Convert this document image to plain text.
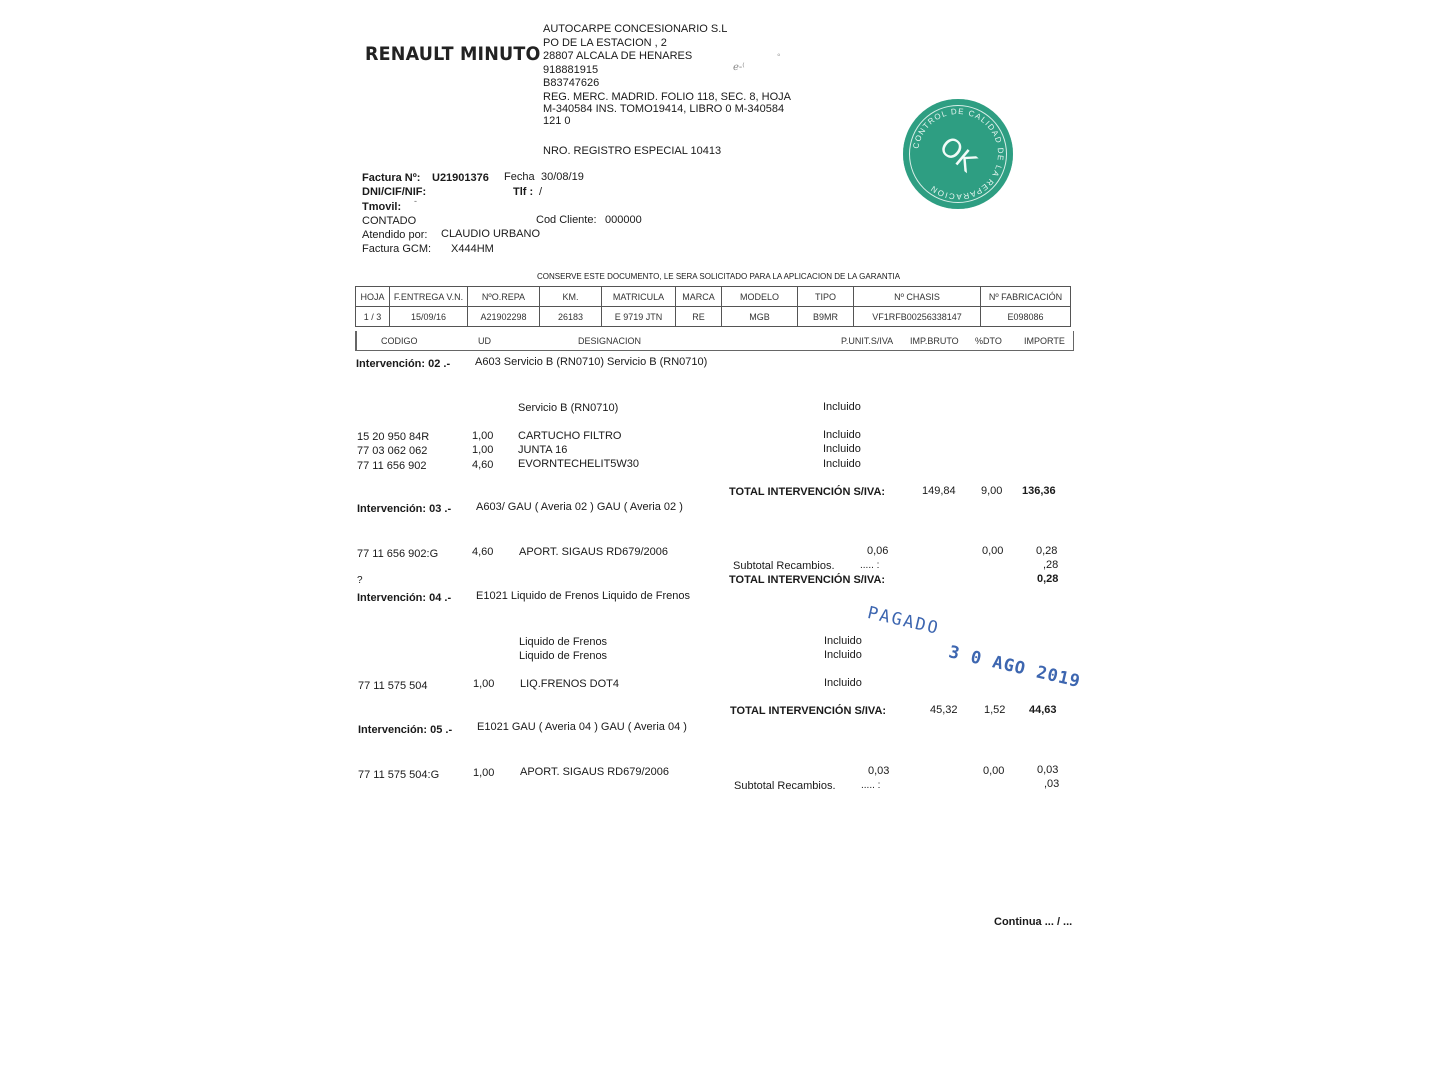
RENAULT MINUTO
AUTOCARPE CONCESIONARIO S.L
PO DE LA ESTACION , 2
28807 ALCALA DE HENARES
918881915
B83747626
REG. MERC. MADRID. FOLIO 118, SEC. 8, HOJA
M-340584 INS. TOMO19414, LIBRO 0 M-340584
121 0
NRO. REGISTRO ESPECIAL 10413
ℯ-⁽
◦
CONTROL DE CALIDAD DE LA REPARACION
OK
Factura Nº: U21901376 Fecha 30/08/19
DNI/CIF/NIF:	Tlf : /
Tmovil: -
CONTADO	Cod Cliente: 000000
Atendido por: CLAUDIO URBANO
Factura GCM: X444HM
CONSERVE ESTE DOCUMENTO, LE SERA SOLICITADO PARA LA APLICACION DE LA GARANTIA
HOJA	F.ENTREGA V.N.	NºO.REPA	KM.	MATRICULA	MARCA	MODELO	TIPO	Nº CHASIS	Nº FABRICACIÓN
1 / 3	15/09/16	A21902298	26183	E 9719 JTN	RE	MGB	B9MR	VF1RFB00256338147	E098086
CODIGO	UD	DESIGNACION	P.UNIT.S/IVA IMP.BRUTO %DTO IMPORTE
Intervención: 02 .- A603 Servicio B (RN0710) Servicio B (RN0710)
Servicio B (RN0710)	Incluido
15 20 950 84R	1,00 CARTUCHO FILTRO	Incluido
77 03 062 062	1,00 JUNTA 16	Incluido
77 11 656 902	4,60 EVORNTECHELIT5W30	Incluido
TOTAL INTERVENCIÓN S/IVA:	149,84 9,00 136,36
Intervención: 03 .- A603/ GAU ( Averia 02 ) GAU ( Averia 02 )
77 11 656 902:G	4,60 APORT. SIGAUS RD679/2006	0,06	0,00	0,28
Subtotal Recambios.	..... :	,28
?	TOTAL INTERVENCIÓN S/IVA:	0,28
Intervención: 04 .- E1021 Liquido de Frenos Liquido de Frenos
Liquido de Frenos	Incluido
Liquido de Frenos	Incluido
77 11 575 504	1,00 LIQ.FRENOS DOT4	Incluido
TOTAL INTERVENCIÓN S/IVA:	45,32 1,52 44,63
Intervención: 05 .- E1021 GAU ( Averia 04 ) GAU ( Averia 04 )
77 11 575 504:G	1,00 APORT. SIGAUS RD679/2006	0,03	0,00	0,03
Subtotal Recambios.	..... :	,03
PAGADO
3 0 AGO 2019
Continua ... / ...
